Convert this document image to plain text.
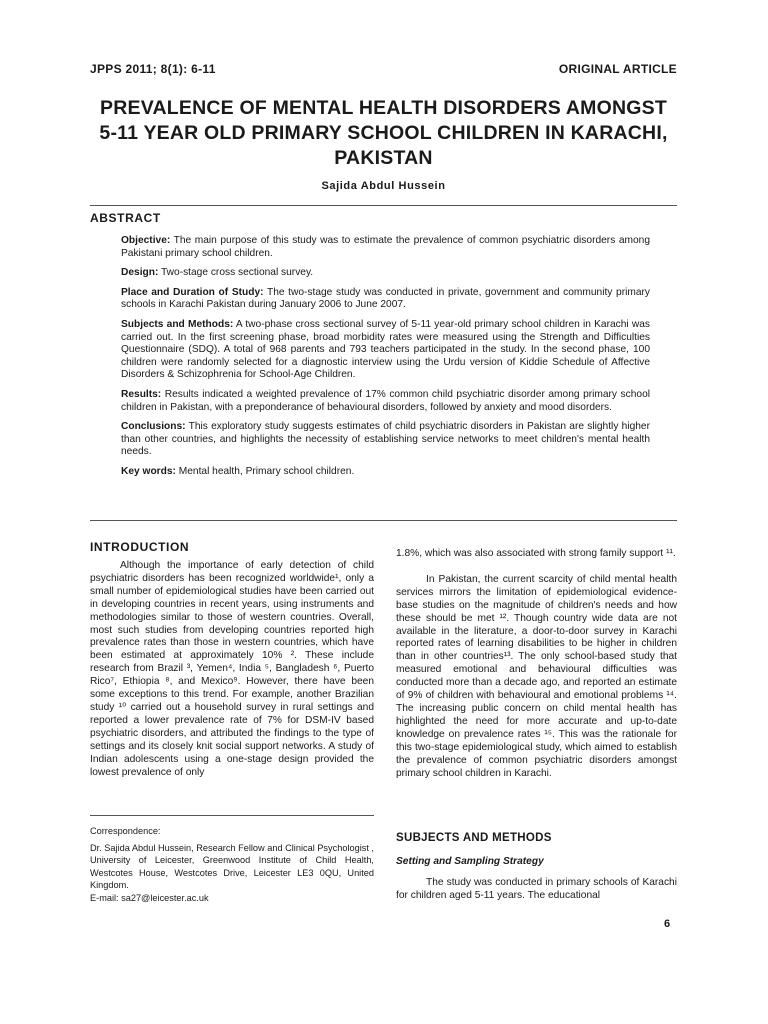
JPPS 2011; 8(1): 6-11	ORIGINAL ARTICLE
PREVALENCE OF MENTAL HEALTH DISORDERS AMONGST 5-11 YEAR OLD PRIMARY SCHOOL CHILDREN IN KARACHI, PAKISTAN
Sajida Abdul Hussein
ABSTRACT

Objective: The main purpose of this study was to estimate the prevalence of common psychiatric disorders among Pakistani primary school children.

Design: Two-stage cross sectional survey.

Place and Duration of Study: The two-stage study was conducted in private, government and community primary schools in Karachi Pakistan during January 2006 to June 2007.

Subjects and Methods: A two-phase cross sectional survey of 5-11 year-old primary school children in Karachi was carried out. In the first screening phase, broad morbidity rates were measured using the Strength and Difficulties Questionnaire (SDQ). A total of 968 parents and 793 teachers participated in the study. In the second phase, 100 children were randomly selected for a diagnostic interview using the Urdu version of Kiddie Schedule of Affective Disorders & Schizophrenia for School-Age Children.

Results: Results indicated a weighted prevalence of 17% common child psychiatric disorder among primary school children in Pakistan, with a preponderance of behavioural disorders, followed by anxiety and mood disorders.

Conclusions: This exploratory study suggests estimates of child psychiatric disorders in Pakistan are slightly higher than other countries, and highlights the necessity of establishing service networks to meet children's mental health needs.

Key words: Mental health, Primary school children.

INTRODUCTION

Although the importance of early detection of child psychiatric disorders has been recognized worldwide¹, only a small number of epidemiological studies have been carried out in developing countries in recent years, using instruments and methodologies similar to those of western countries. Overall, most such studies from developing countries reported high prevalence rates than those in western countries, which have been estimated at approximately 10% ². These include research from Brazil ³, Yemen⁴, India ⁵, Bangladesh ⁶, Puerto Rico⁷, Ethiopia ⁸, and Mexico⁹. However, there have been some exceptions to this trend. For example, another Brazilian study ¹⁰ carried out a household survey in rural settings and reported a lower prevalence rate of 7% for DSM-IV based psychiatric disorders, and attributed the findings to the type of settings and its closely knit social support networks. A study of Indian adolescents using a one-stage design provided the lowest prevalence of only

Correspondence:
Dr. Sajida Abdul Hussein, Research Fellow and Clinical Psychologist , University of Leicester, Greenwood Institute of Child Health, Westcotes House, Westcotes Drive, Leicester LE3 0QU, United Kingdom.
E-mail: sa27@leicester.ac.uk
1.8%, which was also associated with strong family support ¹¹.

In Pakistan, the current scarcity of child mental health services mirrors the limitation of epidemiological evidence-base studies on the magnitude of children's needs and how these should be met ¹². Though country wide data are not available in the literature, a door-to-door survey in Karachi reported rates of learning disabilities to be higher in children than in other countries¹³. The only school-based study that measured emotional and behavioural difficulties was conducted more than a decade ago, and reported an estimate of 9% of children with behavioural and emotional problems ¹⁴. The increasing public concern on child mental health has highlighted the need for more accurate and up-to-date knowledge on prevalence rates ¹⁵. This was the rationale for this two-stage epidemiological study, which aimed to establish the prevalence of common psychiatric disorders amongst primary school children in Karachi.

SUBJECTS AND METHODS
Setting and Sampling Strategy

The study was conducted in primary schools of Karachi for children aged 5-11 years. The educational

6
